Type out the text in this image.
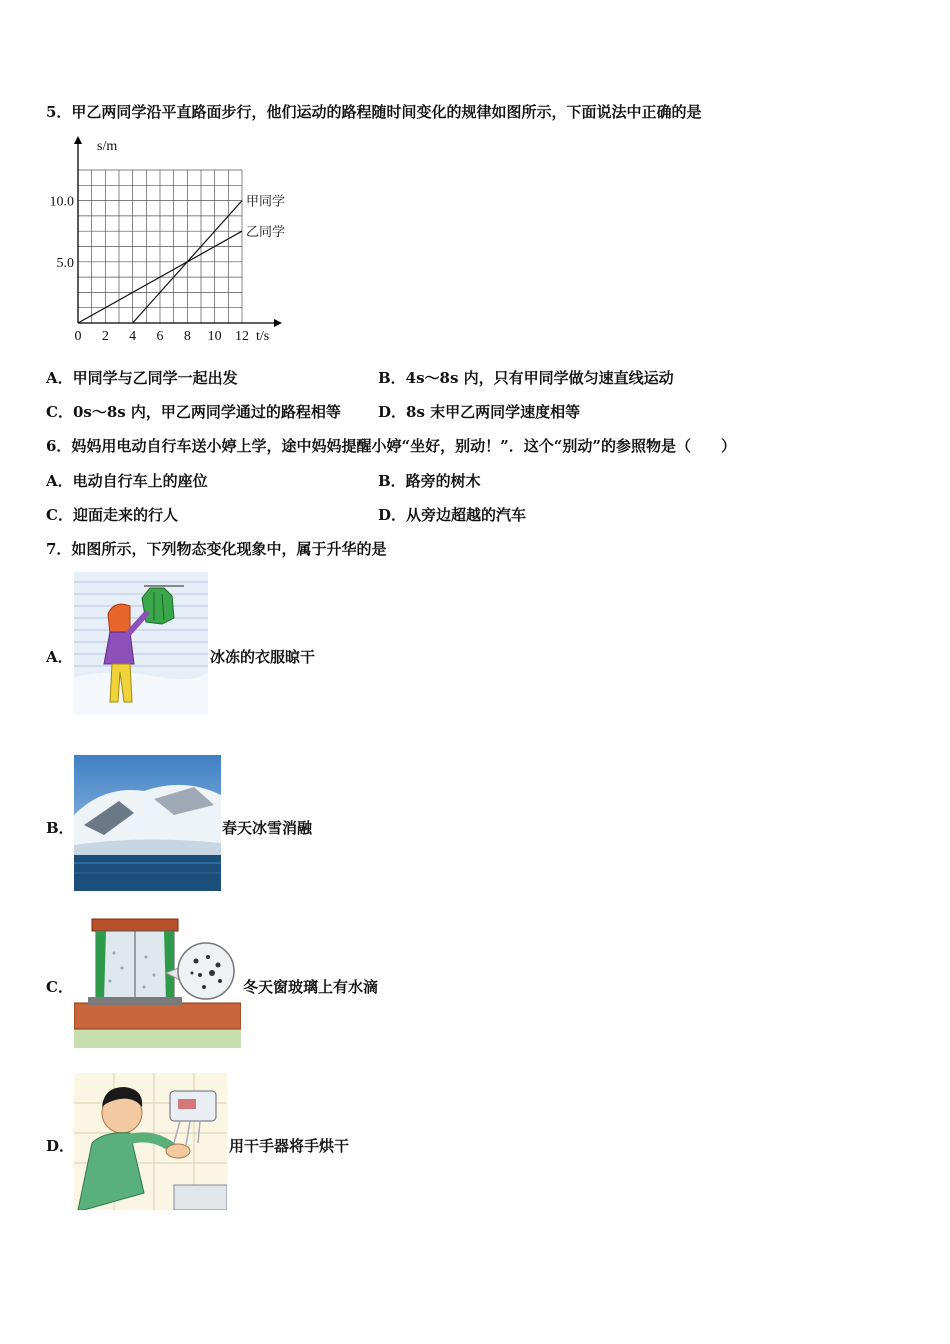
5．甲乙两同学沿平直路面步行，他们运动的路程随时间变化的规律如图所示，下面说法中正确的是
甲同学
乙同学
0 2 4 6 8 10 12 t/s
5.0
10.0
s/m
A．甲同学与乙同学一起出发	B．4s～8s 内，只有甲同学做匀速直线运动
C．0s～8s 内，甲乙两同学通过的路程相等 D．8s 末甲乙两同学速度相等
6．妈妈用电动自行车送小婷上学，途中妈妈提醒小婷“坐好，别动！”．这个“别动”的参照物是（　　）
A．电动自行车上的座位	B．路旁的树木
C．迎面走来的行人	D．从旁边超越的汽车
7．如图所示，下列物态变化现象中，属于升华的是
A．	冰冻的衣服晾干
B．	春天冰雪消融
C．	冬天窗玻璃上有水滴
D．	用干手器将手烘干
